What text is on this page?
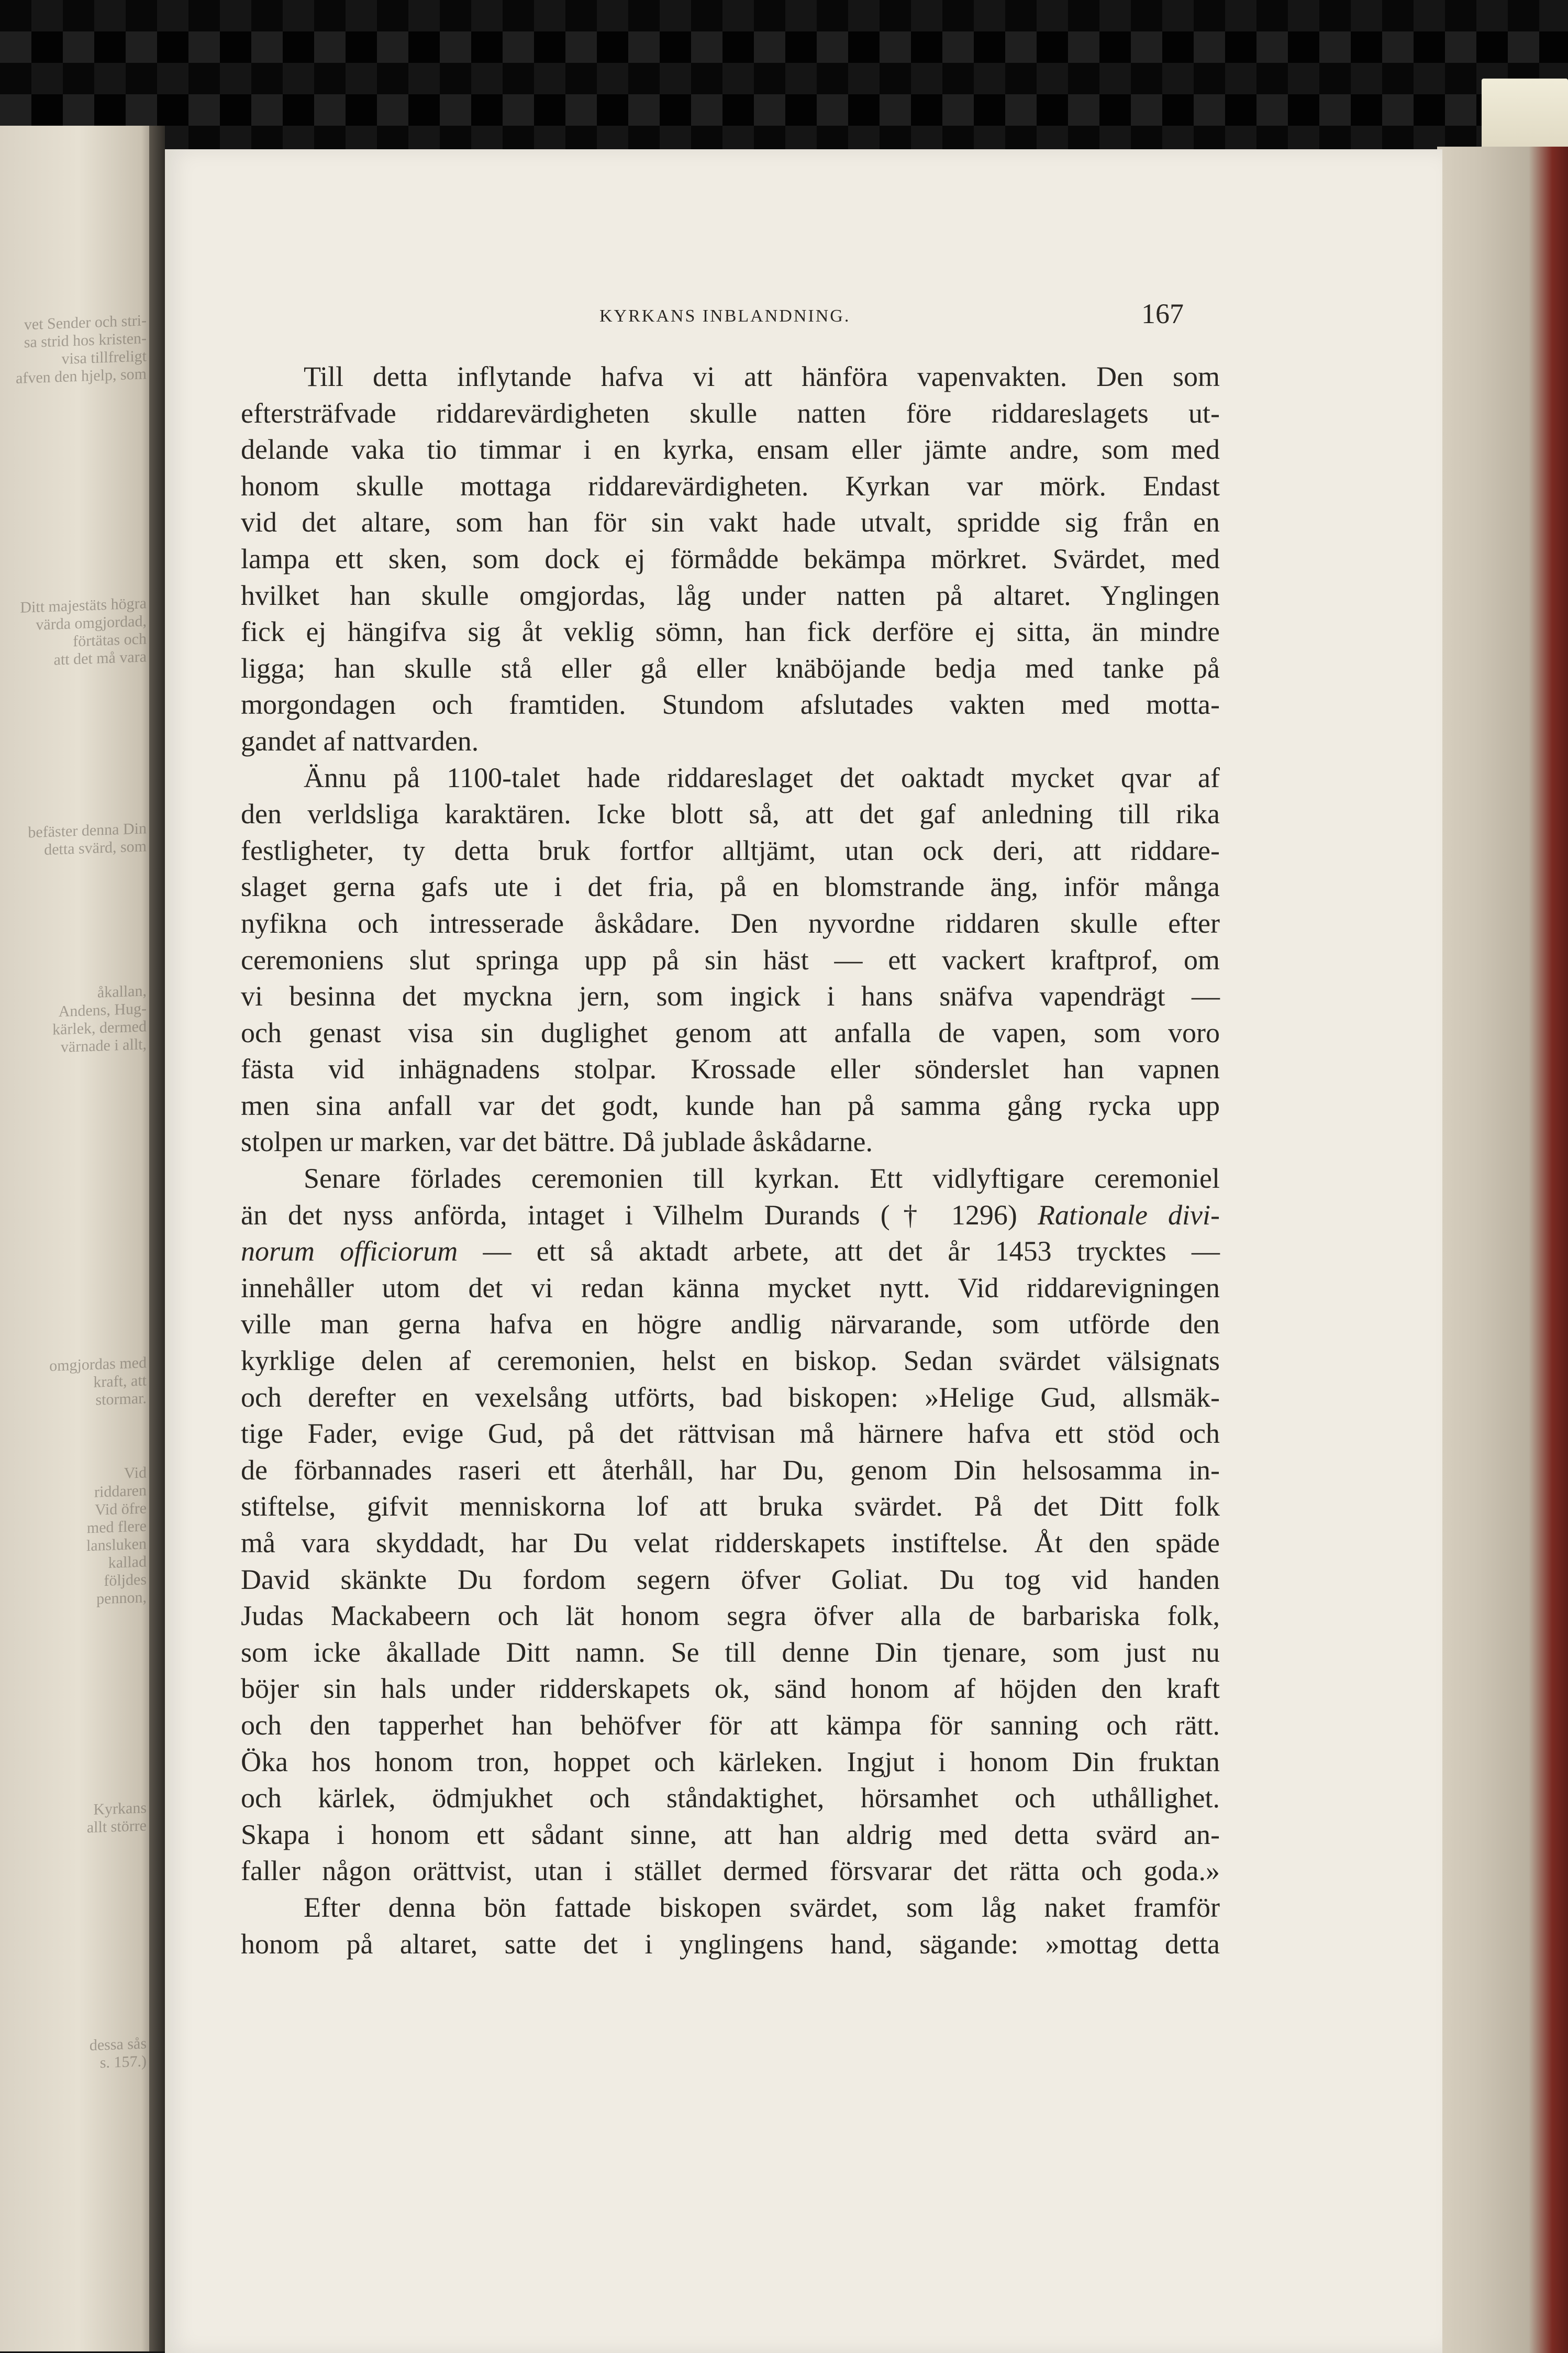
vet Sender och stri-
sa strid hos kristen-
visa tillfreligt
afven den hjelp, som
Ditt majestäts högra
värda omgjordad,
förtätas och
att det må vara
befäster denna Din
detta svärd, som
åkallan,
Andens, Hug-
kärlek, dermed
värnade i allt,
omgjordas med
kraft, att
stormar.
Vid
riddaren
Vid öfre
med flere
lansluken
kallad
följdes
pennon,
Kyrkans
allt större
dessa sås
s. 157.)
KYRKANS INBLANDNING.	167
Till detta inflytande hafva vi att hänföra vapenvakten. Den som
eftersträfvade riddarevärdigheten skulle natten före riddareslagets ut-
delande vaka tio timmar i en kyrka, ensam eller jämte andre, som med
honom skulle mottaga riddarevärdigheten. Kyrkan var mörk. Endast
vid det altare, som han för sin vakt hade utvalt, spridde sig från en
lampa ett sken, som dock ej förmådde bekämpa mörkret. Svärdet, med
hvilket han skulle omgjordas, låg under natten på altaret. Ynglingen
fick ej hängifva sig åt veklig sömn, han fick derföre ej sitta, än mindre
ligga; han skulle stå eller gå eller knäböjande bedja med tanke på
morgondagen och framtiden. Stundom afslutades vakten med motta-
gandet af nattvarden.
Ännu på 1100-talet hade riddareslaget det oaktadt mycket qvar af
den verldsliga karaktären. Icke blott så, att det gaf anledning till rika
festligheter, ty detta bruk fortfor alltjämt, utan ock deri, att riddare-
slaget gerna gafs ute i det fria, på en blomstrande äng, inför många
nyfikna och intresserade åskådare. Den nyvordne riddaren skulle efter
ceremoniens slut springa upp på sin häst — ett vackert kraftprof, om
vi besinna det myckna jern, som ingick i hans snäfva vapendrägt —
och genast visa sin duglighet genom att anfalla de vapen, som voro
fästa vid inhägnadens stolpar. Krossade eller sönderslet han vapnen
men sina anfall var det godt, kunde han på samma gång rycka upp
stolpen ur marken, var det bättre. Då jublade åskådarne.
Senare förlades ceremonien till kyrkan. Ett vidlyftigare ceremoniel
än det nyss anförda, intaget i Vilhelm Durands († 1296) Rationale divi-
norum officiorum — ett så aktadt arbete, att det år 1453 trycktes —
innehåller utom det vi redan känna mycket nytt. Vid riddarevigningen
ville man gerna hafva en högre andlig närvarande, som utförde den
kyrklige delen af ceremonien, helst en biskop. Sedan svärdet välsignats
och derefter en vexelsång utförts, bad biskopen: »Helige Gud, allsmäk-
tige Fader, evige Gud, på det rättvisan må härnere hafva ett stöd och
de förbannades raseri ett återhåll, har Du, genom Din helsosamma in-
stiftelse, gifvit menniskorna lof att bruka svärdet. På det Ditt folk
må vara skyddadt, har Du velat ridderskapets instiftelse. Åt den späde
David skänkte Du fordom segern öfver Goliat. Du tog vid handen
Judas Mackabeern och lät honom segra öfver alla de barbariska folk,
som icke åkallade Ditt namn. Se till denne Din tjenare, som just nu
böjer sin hals under ridderskapets ok, sänd honom af höjden den kraft
och den tapperhet han behöfver för att kämpa för sanning och rätt.
Öka hos honom tron, hoppet och kärleken. Ingjut i honom Din fruktan
och kärlek, ödmjukhet och ståndaktighet, hörsamhet och uthållighet.
Skapa i honom ett sådant sinne, att han aldrig med detta svärd an-
faller någon orättvist, utan i stället dermed försvarar det rätta och goda.»
Efter denna bön fattade biskopen svärdet, som låg naket framför
honom på altaret, satte det i ynglingens hand, sägande: »mottag detta
